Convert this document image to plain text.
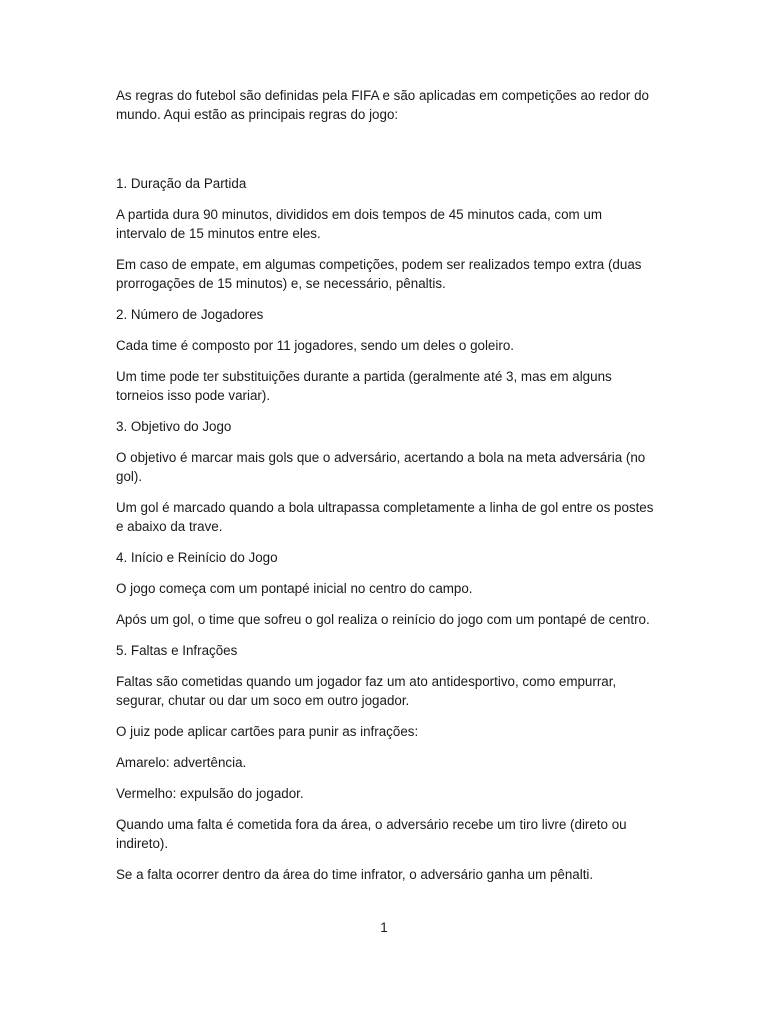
As regras do futebol são definidas pela FIFA e são aplicadas em competições ao redor do mundo. Aqui estão as principais regras do jogo:

1. Duração da Partida

A partida dura 90 minutos, divididos em dois tempos de 45 minutos cada, com um intervalo de 15 minutos entre eles.

Em caso de empate, em algumas competições, podem ser realizados tempo extra (duas prorrogações de 15 minutos) e, se necessário, pênaltis.

2. Número de Jogadores

Cada time é composto por 11 jogadores, sendo um deles o goleiro.

Um time pode ter substituições durante a partida (geralmente até 3, mas em alguns torneios isso pode variar).

3. Objetivo do Jogo

O objetivo é marcar mais gols que o adversário, acertando a bola na meta adversária (no gol).

Um gol é marcado quando a bola ultrapassa completamente a linha de gol entre os postes e abaixo da trave.

4. Início e Reinício do Jogo

O jogo começa com um pontapé inicial no centro do campo.

Após um gol, o time que sofreu o gol realiza o reinício do jogo com um pontapé de centro.

5. Faltas e Infrações

Faltas são cometidas quando um jogador faz um ato antidesportivo, como empurrar, segurar, chutar ou dar um soco em outro jogador.

O juiz pode aplicar cartões para punir as infrações:

Amarelo: advertência.

Vermelho: expulsão do jogador.

Quando uma falta é cometida fora da área, o adversário recebe um tiro livre (direto ou indireto).

Se a falta ocorrer dentro da área do time infrator, o adversário ganha um pênalti.

1
